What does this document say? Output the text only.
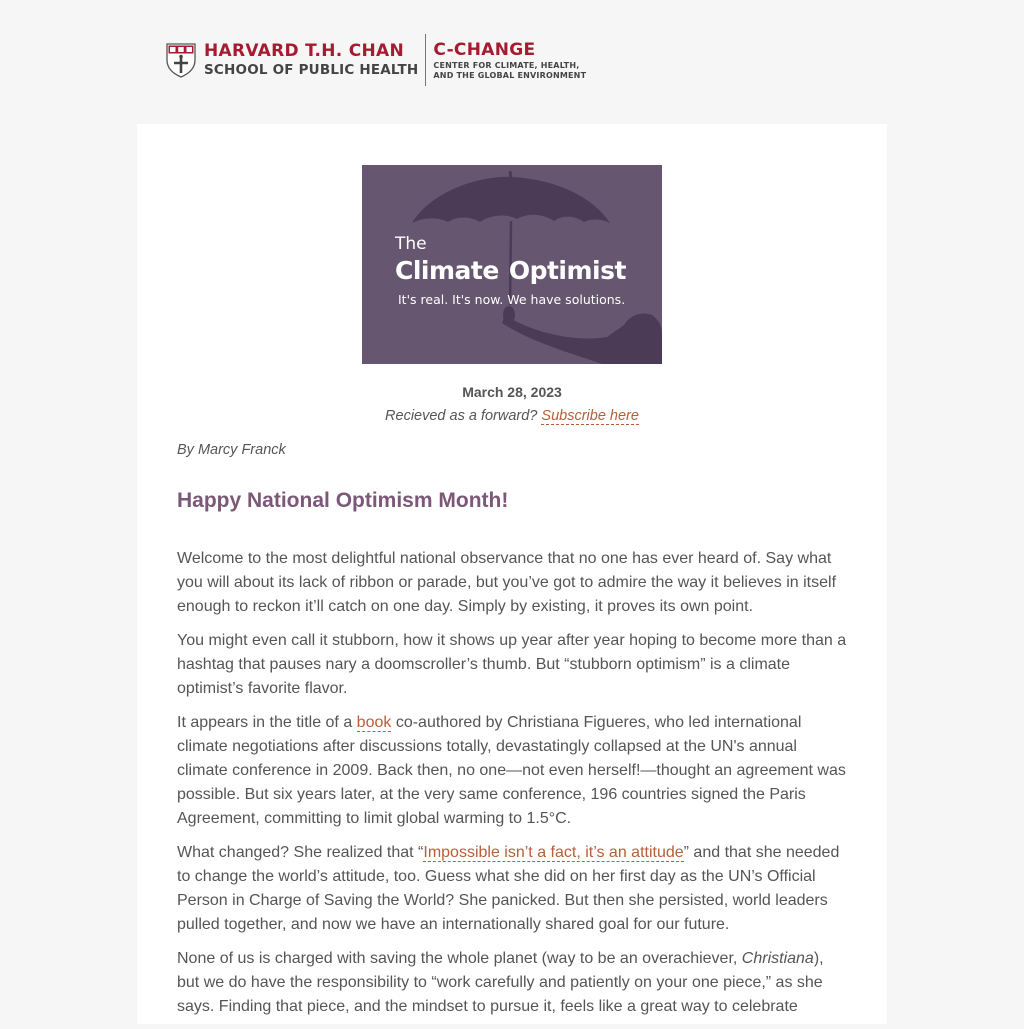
HARVARD T.H. CHAN
SCHOOL OF PUBLIC HEALTH
C-CHANGE
CENTER FOR CLIMATE, HEALTH,
AND THE GLOBAL ENVIRONMENT
The
Climate Optimist
It's real. It's now. We have solutions.
March 28, 2023
Recieved as a forward? Subscribe here
By Marcy Franck
Happy National Optimism Month!

Welcome to the most delightful national observance that no one has ever heard of. Say what you will about its lack of ribbon or parade, but you’ve got to admire the way it believes in itself enough to reckon it’ll catch on one day. Simply by existing, it proves its own point.

You might even call it stubborn, how it shows up year after year hoping to become more than a hashtag that pauses nary a doomscroller’s thumb. But “stubborn optimism” is a climate optimist’s favorite flavor.

It appears in the title of a book co-authored by Christiana Figueres, who led international climate negotiations after discussions totally, devastatingly collapsed at the UN's annual climate conference in 2009. Back then, no one—not even herself!—thought an agreement was possible. But six years later, at the very same conference, 196 countries signed the Paris Agreement, committing to limit global warming to 1.5°C.

What changed? She realized that “Impossible isn’t a fact, it’s an attitude” and that she needed to change the world’s attitude, too. Guess what she did on her first day as the UN’s Official Person in Charge of Saving the World? She panicked. But then she persisted, world leaders pulled together, and now we have an internationally shared goal for our future.

None of us is charged with saving the whole planet (way to be an overachiever, Christiana), but we do have the responsibility to “work carefully and patiently on your one piece,” as she says. Finding that piece, and the mindset to pursue it, feels like a great way to celebrate
